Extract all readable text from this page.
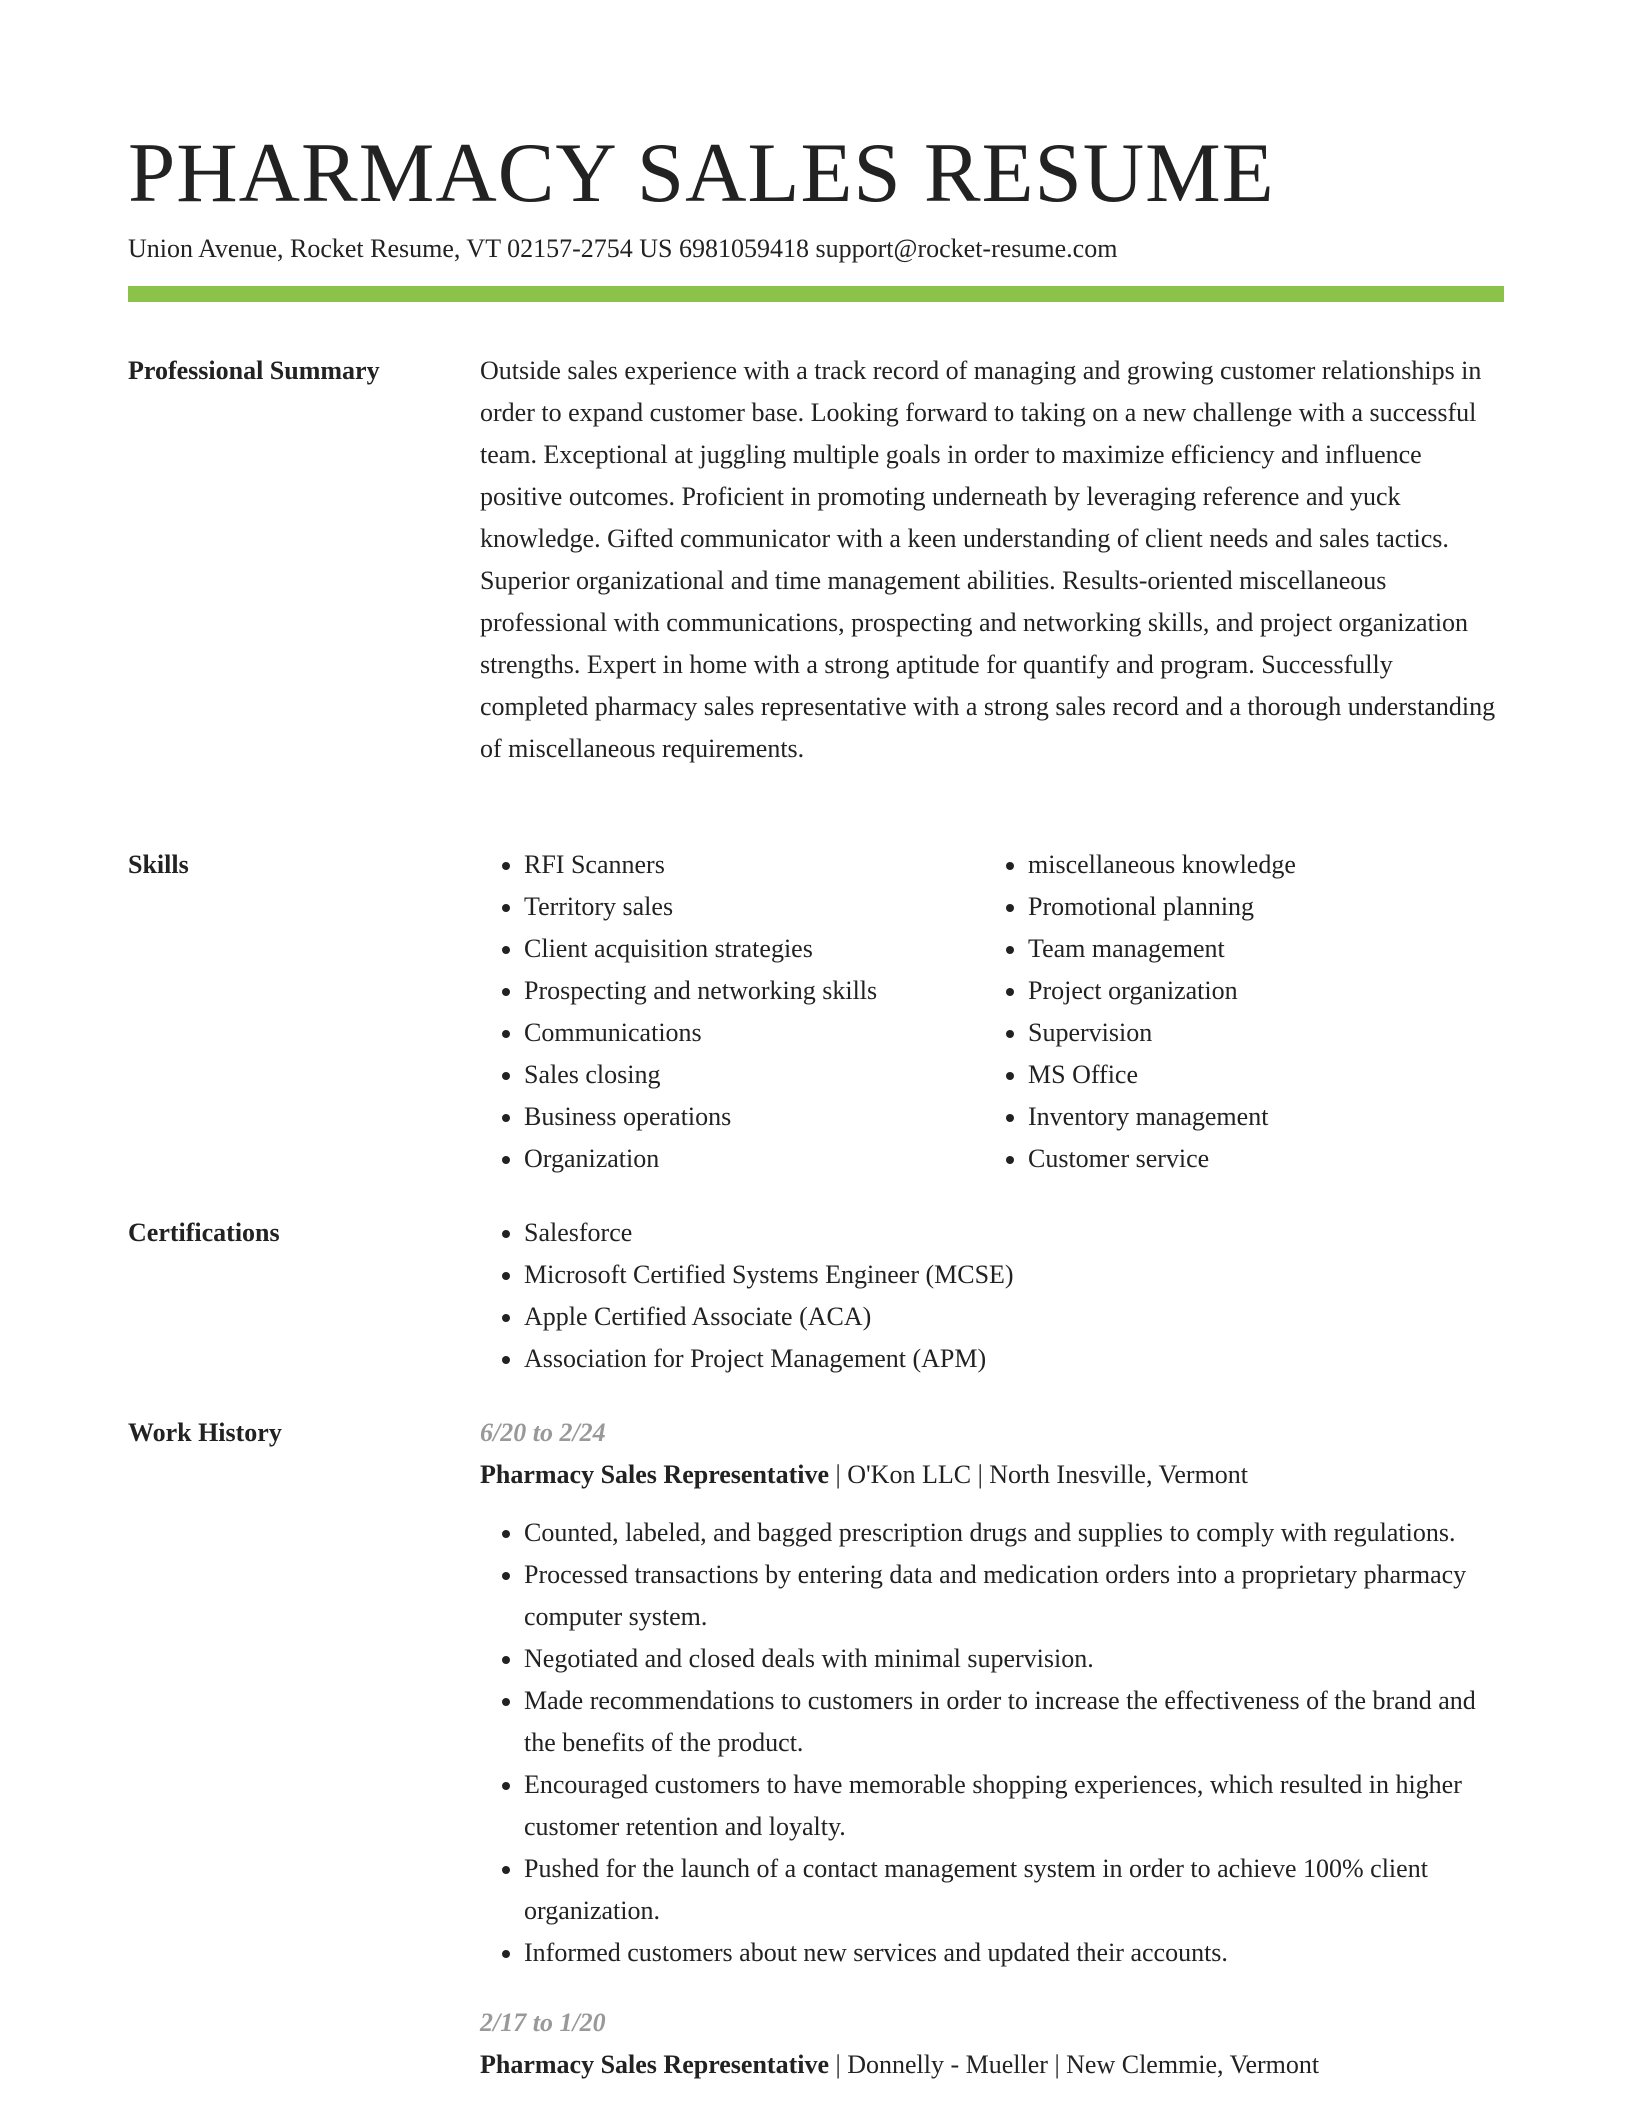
PHARMACY SALES RESUME
Union Avenue, Rocket Resume, VT 02157-2754 US 6981059418 support@rocket-resume.com
Professional Summary	Outside sales experience with a track record of managing and growing customer relationships in order to expand customer base. Looking forward to taking on a new challenge with a successful team. Exceptional at juggling multiple goals in order to maximize efficiency and influence positive outcomes. Proficient in promoting underneath by leveraging reference and yuck knowledge. Gifted communicator with a keen understanding of client needs and sales tactics. Superior organizational and time management abilities. Results-oriented miscellaneous professional with communications, prospecting and networking skills, and project organization strengths. Expert in home with a strong aptitude for quantify and program. Successfully completed pharmacy sales representative with a strong sales record and a thorough understanding of miscellaneous requirements.

Skills	• RFI Scanners
• Territory sales
• Client acquisition strategies
• Prospecting and networking skills
• Communications
• Sales closing
• Business operations
• Organization
• miscellaneous knowledge
• Promotional planning
• Team management
• Project organization
• Supervision
• MS Office
• Inventory management
• Customer service
Certifications	• Salesforce
• Microsoft Certified Systems Engineer (MCSE)
• Apple Certified Associate (ACA)
• Association for Project Management (APM)
Work History	6/20 to 2/24
Pharmacy Sales Representative | O'Kon LLC | North Inesville, Vermont
• Counted, labeled, and bagged prescription drugs and supplies to comply with regulations.
• Processed transactions by entering data and medication orders into a proprietary pharmacy computer system.
• Negotiated and closed deals with minimal supervision.
• Made recommendations to customers in order to increase the effectiveness of the brand and the benefits of the product.
• Encouraged customers to have memorable shopping experiences, which resulted in higher customer retention and loyalty.
• Pushed for the launch of a contact management system in order to achieve 100% client organization.
• Informed customers about new services and updated their accounts.
2/17 to 1/20
Pharmacy Sales Representative | Donnelly - Mueller | New Clemmie, Vermont
